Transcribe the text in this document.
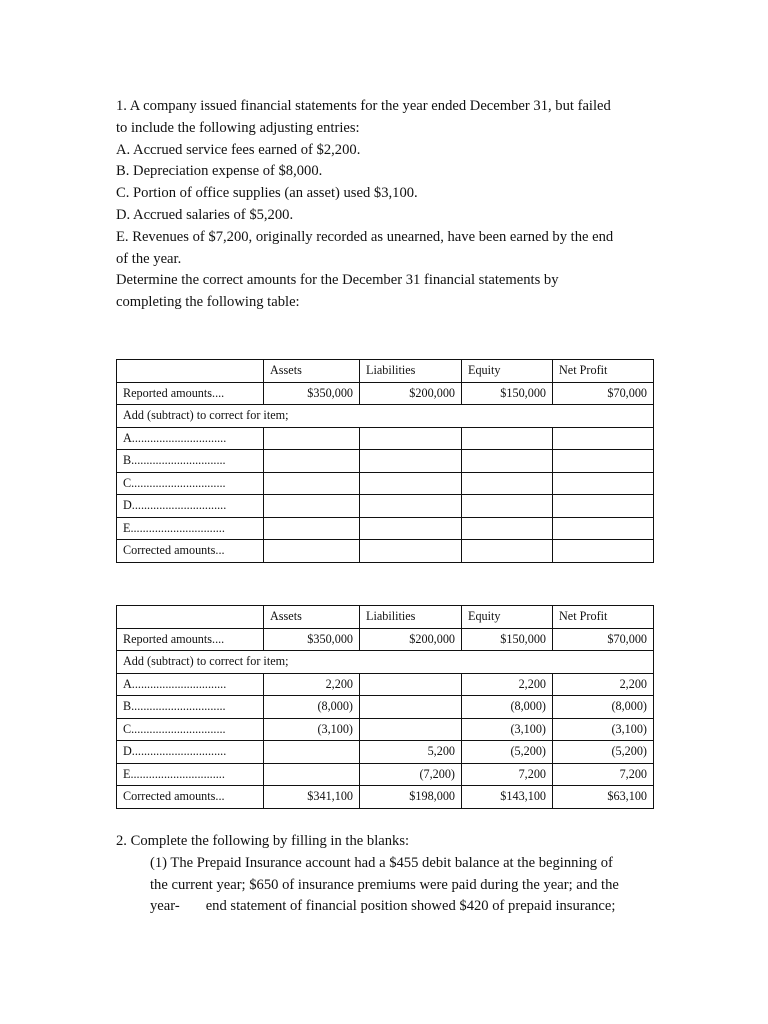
1. A company issued financial statements for the year ended December 31, but failed

to include the following adjusting entries:

A. Accrued service fees earned of $2,200.

B. Depreciation expense of $8,000.

C. Portion of office supplies (an asset) used $3,100.

D. Accrued salaries of $5,200.

E. Revenues of $7,200, originally recorded as unearned, have been earned by the end

of the year.

Determine the correct amounts for the December 31 financial statements by

completing the following table:

	Assets	Liabilities	Equity	Net Profit
Reported amounts....	$350,000	$200,000	$150,000	$70,000
Add (subtract) to correct for item;				
A...............................				
B...............................				
C...............................				
D...............................				
E...............................				
Corrected amounts...				
	Assets	Liabilities	Equity	Net Profit
Reported amounts....	$350,000	$200,000	$150,000	$70,000
Add (subtract) to correct for item;				
A...............................	2,200		2,200	2,200
B...............................	(8,000)		(8,000)	(8,000)
C...............................	(3,100)		(3,100)	(3,100)
D...............................		5,200	(5,200)	(5,200)
E...............................		(7,200)	7,200	7,200
Corrected amounts...	$341,100	$198,000	$143,100	$63,100

2. Complete the following by filling in the blanks:

(1) The Prepaid Insurance account had a $455 debit balance at the beginning of

the current year; $650 of insurance premiums were paid during the year; and the

year- end statement of financial position showed $420 of prepaid insurance;
